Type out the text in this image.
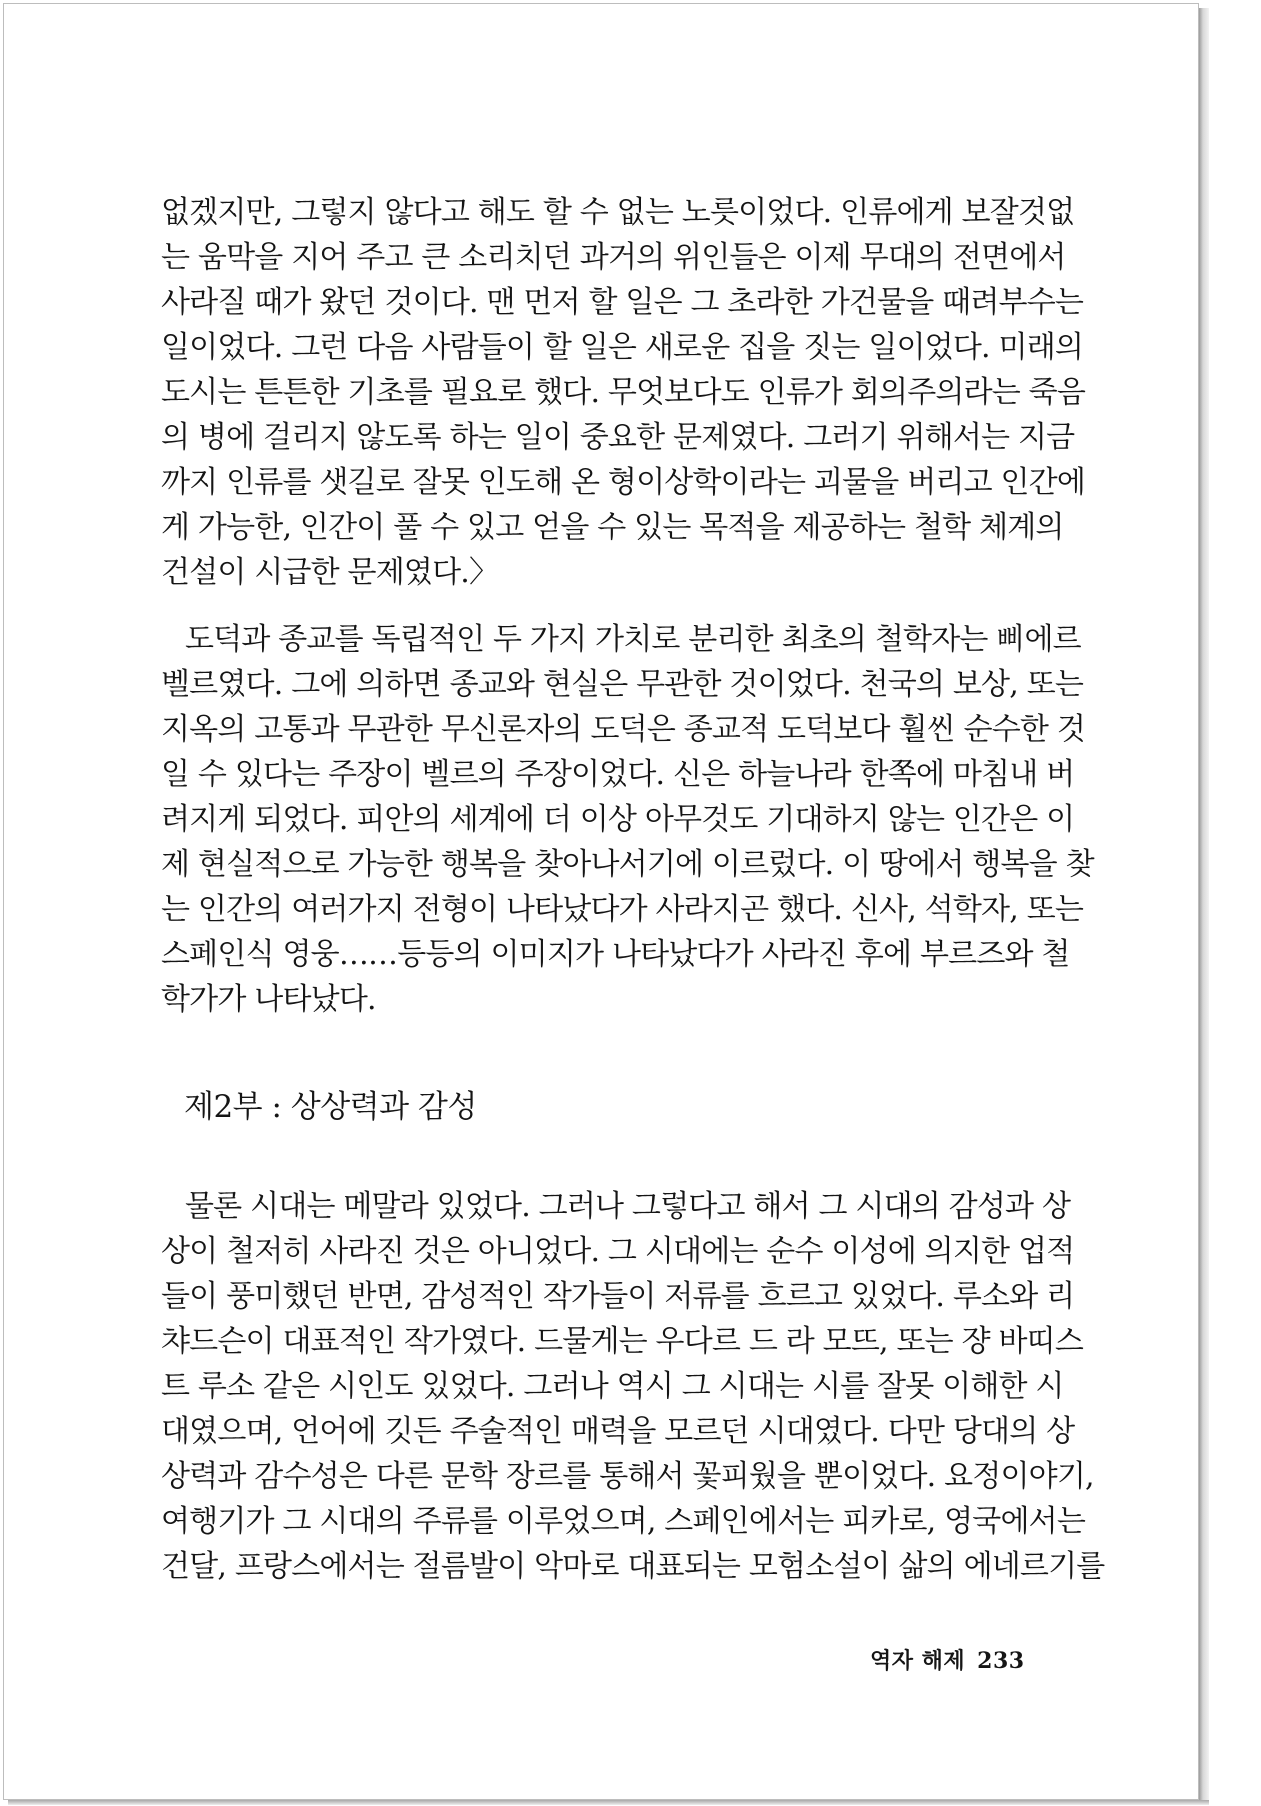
없겠지만, 그렇지 않다고 해도 할 수 없는 노릇이었다. 인류에게 보잘것없
는 움막을 지어 주고 큰 소리치던 과거의 위인들은 이제 무대의 전면에서
사라질 때가 왔던 것이다. 맨 먼저 할 일은 그 초라한 가건물을 때려부수는
일이었다. 그런 다음 사람들이 할 일은 새로운 집을 짓는 일이었다. 미래의
도시는 튼튼한 기초를 필요로 했다. 무엇보다도 인류가 회의주의라는 죽음
의 병에 걸리지 않도록 하는 일이 중요한 문제였다. 그러기 위해서는 지금
까지 인류를 샛길로 잘못 인도해 온 형이상학이라는 괴물을 버리고 인간에
게 가능한, 인간이 풀 수 있고 얻을 수 있는 목적을 제공하는 철학 체계의
건설이 시급한 문제였다.〉
도덕과 종교를 독립적인 두 가지 가치로 분리한 최초의 철학자는 삐에르
벨르였다. 그에 의하면 종교와 현실은 무관한 것이었다. 천국의 보상, 또는
지옥의 고통과 무관한 무신론자의 도덕은 종교적 도덕보다 훨씬 순수한 것
일 수 있다는 주장이 벨르의 주장이었다. 신은 하늘나라 한쪽에 마침내 버
려지게 되었다. 피안의 세계에 더 이상 아무것도 기대하지 않는 인간은 이
제 현실적으로 가능한 행복을 찾아나서기에 이르렀다. 이 땅에서 행복을 찾
는 인간의 여러가지 전형이 나타났다가 사라지곤 했다. 신사, 석학자, 또는
스페인식 영웅……등등의 이미지가 나타났다가 사라진 후에 부르즈와 철
학가가 나타났다.
제2부 : 상상력과 감성
물론 시대는 메말라 있었다. 그러나 그렇다고 해서 그 시대의 감성과 상
상이 철저히 사라진 것은 아니었다. 그 시대에는 순수 이성에 의지한 업적
들이 풍미했던 반면, 감성적인 작가들이 저류를 흐르고 있었다. 루소와 리
챠드슨이 대표적인 작가였다. 드물게는 우다르 드 라 모뜨, 또는 쟝 바띠스
트 루소 같은 시인도 있었다. 그러나 역시 그 시대는 시를 잘못 이해한 시
대였으며, 언어에 깃든 주술적인 매력을 모르던 시대였다. 다만 당대의 상
상력과 감수성은 다른 문학 장르를 통해서 꽃피웠을 뿐이었다. 요정이야기,
여행기가 그 시대의 주류를 이루었으며, 스페인에서는 피카로, 영국에서는
건달, 프랑스에서는 절름발이 악마로 대표되는 모험소설이 삶의 에네르기를
역자 해제 233
